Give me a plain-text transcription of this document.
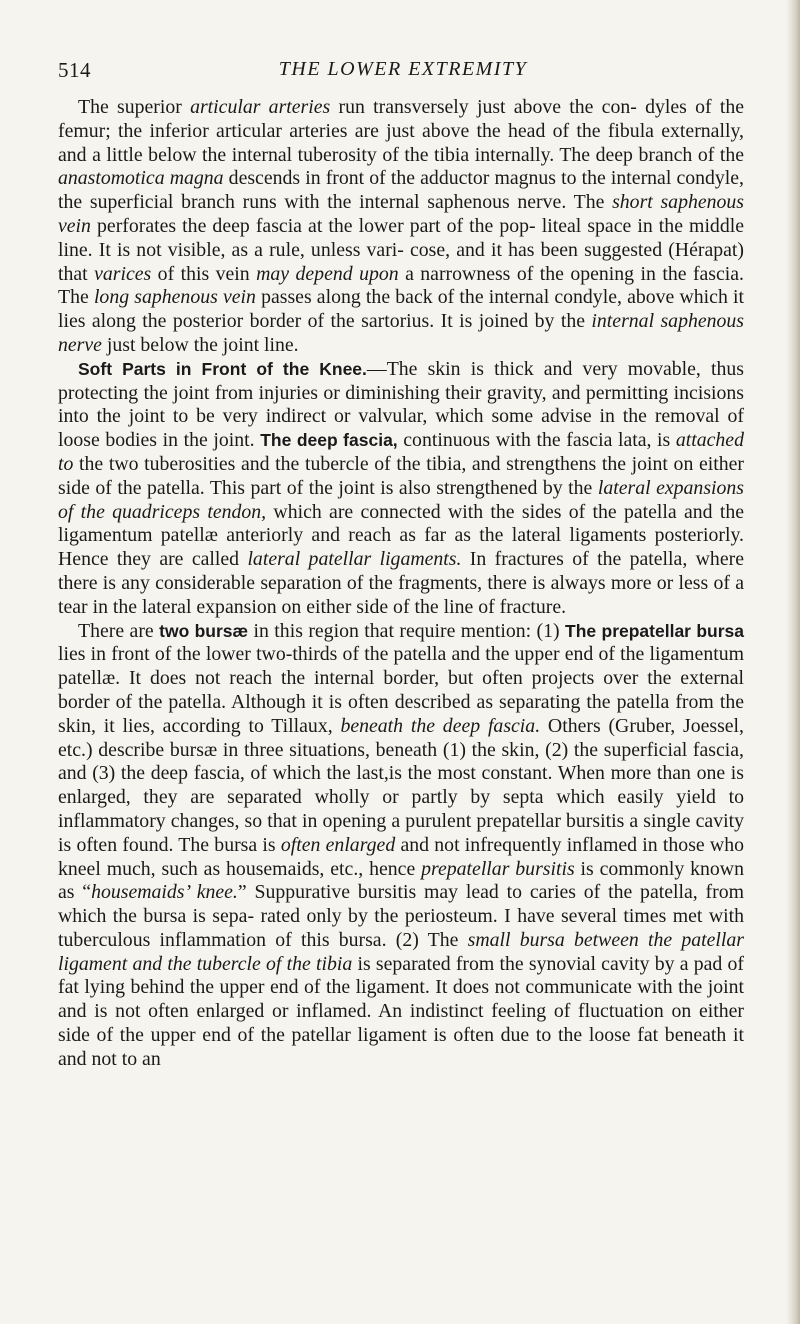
514	THE LOWER EXTREMITY

The superior articular arteries run transversely just above the con- dyles of the femur; the inferior articular arteries are just above the head of the fibula externally, and a little below the internal tuberosity of the tibia internally. The deep branch of the anastomotica magna descends in front of the adductor magnus to the internal condyle, the superficial branch runs with the internal saphenous nerve. The short saphenous vein perforates the deep fascia at the lower part of the pop- liteal space in the middle line. It is not visible, as a rule, unless vari- cose, and it has been suggested (Hérapat) that varices of this vein may depend upon a narrowness of the opening in the fascia. The long saphenous vein passes along the back of the internal condyle, above which it lies along the posterior border of the sartorius. It is joined by the internal saphenous nerve just below the joint line.

Soft Parts in Front of the Knee.—The skin is thick and very movable, thus protecting the joint from injuries or diminishing their gravity, and permitting incisions into the joint to be very indirect or valvular, which some advise in the removal of loose bodies in the joint. The deep fascia, continuous with the fascia lata, is attached to the two tuberosities and the tubercle of the tibia, and strengthens the joint on either side of the patella. This part of the joint is also strengthened by the lateral expansions of the quadriceps tendon, which are connected with the sides of the patella and the ligamentum patellæ anteriorly and reach as far as the lateral ligaments posteriorly. Hence they are called lateral patellar ligaments. In fractures of the patella, where there is any considerable separation of the fragments, there is always more or less of a tear in the lateral expansion on either side of the line of fracture.

There are two bursæ in this region that require mention: (1) The prepatellar bursa lies in front of the lower two-thirds of the patella and the upper end of the ligamentum patellæ. It does not reach the internal border, but often projects over the external border of the patella. Although it is often described as separating the patella from the skin, it lies, according to Tillaux, beneath the deep fascia. Others (Gruber, Joessel, etc.) describe bursæ in three situations, beneath (1) the skin, (2) the superficial fascia, and (3) the deep fascia, of which the last,is the most constant. When more than one is enlarged, they are separated wholly or partly by septa which easily yield to inflammatory changes, so that in opening a purulent prepatellar bursitis a single cavity is often found. The bursa is often enlarged and not infrequently inflamed in those who kneel much, such as housemaids, etc., hence prepatellar bursitis is commonly known as “housemaids’ knee.” Suppurative bursitis may lead to caries of the patella, from which the bursa is sepa- rated only by the periosteum. I have several times met with tuberculous inflammation of this bursa. (2) The small bursa between the patellar ligament and the tubercle of the tibia is separated from the synovial cavity by a pad of fat lying behind the upper end of the ligament. It does not communicate with the joint and is not often enlarged or inflamed. An indistinct feeling of fluctuation on either side of the upper end of the patellar ligament is often due to the loose fat beneath it and not to an
